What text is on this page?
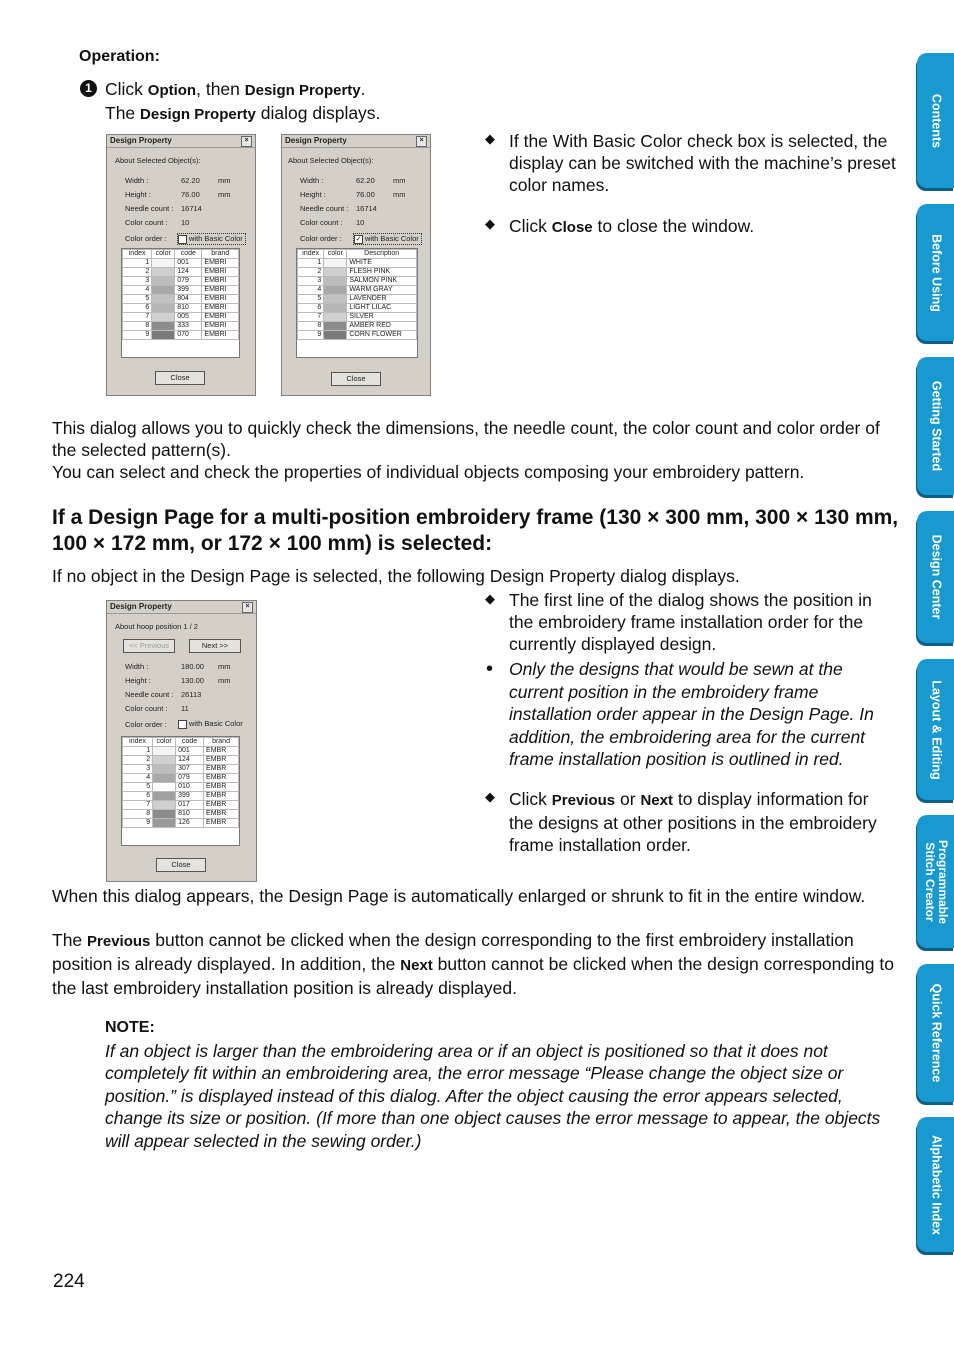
Operation:
1 Click Option, then Design Property.
The Design Property dialog displays.
Design Property	×
About Selected Object(s):
Width :	62.20 mm
Height :	76.00 mm
Needle count : 16714
Color count : 10
Color order :	with Basic Color
index	color	code	brand
1		001	EMBRI
2		124	EMBRI
3		079	EMBRI
4		399	EMBRI
5		804	EMBRI
6		810	EMBRI
7		005	EMBRI
8		333	EMBRI
9		070	EMBRI
Close
Design Property	×
About Selected Object(s):
Width :	62.20 mm
Height :	76.00 mm
Needle count : 16714
Color count : 10
Color order :	✓ with Basic Color
index	color	Description
1		WHITE
2		FLESH PINK
3		SALMON PINK
4		WARM GRAY
5		LAVENDER
6		LIGHT LILAC
7		SILVER
8		AMBER RED
9		CORN FLOWER
Close
◆ If the With Basic Color check box is selected, the display can be switched with the machine’s preset color names.
◆ Click Close to close the window.
This dialog allows you to quickly check the dimensions, the needle count, the color count and color order of the selected pattern(s).
You can select and check the properties of individual objects composing your embroidery pattern.
If a Design Page for a multi-position embroidery frame (130 × 300 mm, 300 × 130 mm, 100 × 172 mm, or 172 × 100 mm) is selected:
If no object in the Design Page is selected, the following Design Property dialog displays.
Design Property	×
About hoop position 1 / 2
<< Previous	Next >>
Width :	180.00 mm
Height :	130.00 mm
Needle count : 26113
Color count : 11
Color order :	with Basic Color
index	color	code	brand
1		001	EMBR
2		124	EMBR
3		307	EMBR
4		079	EMBR
5		010	EMBR
6		399	EMBR
7		017	EMBR
8		810	EMBR
9		126	EMBR
Close
◆ The first line of the dialog shows the position in the embroidery frame installation order for the currently displayed design.
• Only the designs that would be sewn at the current position in the embroidery frame installation order appear in the Design Page. In addition, the embroidering area for the current frame installation position is outlined in red.
◆ Click Previous or Next to display information for the designs at other positions in the embroidery frame installation order.
When this dialog appears, the Design Page is automatically enlarged or shrunk to fit in the entire window.
The Previous button cannot be clicked when the design corresponding to the first embroidery installation position is already displayed. In addition, the Next button cannot be clicked when the design corresponding to the last embroidery installation position is already displayed.
NOTE:
If an object is larger than the embroidering area or if an object is positioned so that it does not completely fit within an embroidering area, the error message “Please change the object size or position.” is displayed instead of this dialog. After the object causing the error appears selected, change its size or position. (If more than one object causes the error message to appear, the objects will appear selected in the sewing order.)
224
Contents
Before Using
Getting Started
Design Center
Layout & Editing
Programmable Stitch Creator
Quick Reference
Alphabetic Index
